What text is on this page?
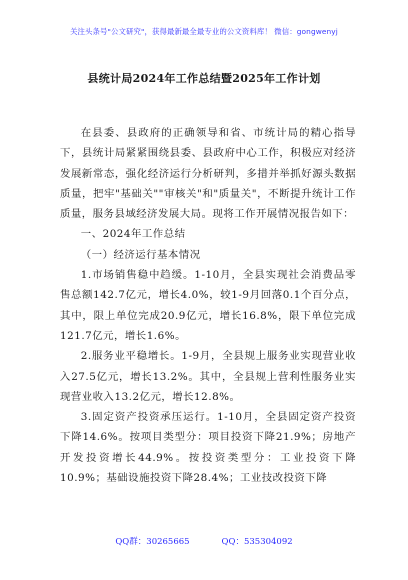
关注头条号"公文研究"，获得最新最全最专业的公文资料库！ 微信：gongwenyj
县统计局2024年工作总结暨2025年工作计划

在县委、县政府的正确领导和省、市统计局的精心指导下，县统计局紧紧围绕县委、县政府中心工作，积极应对经济发展新常态，强化经济运行分析研判，多措并举抓好源头数据质量，把牢"基础关""审核关"和"质量关"，不断提升统计工作质量，服务县域经济发展大局。现将工作开展情况报告如下：

一、2024年工作总结

（一）经济运行基本情况

1.市场销售稳中趋缓。1-10月，全县实现社会消费品零售总额142.7亿元，增长4.0%，较1-9月回落0.1个百分点，其中，限上单位完成20.9亿元，增长16.8%，限下单位完成121.7亿元，增长1.6%。

2.服务业平稳增长。1-9月，全县规上服务业实现营业收入27.5亿元，增长13.2%。其中，全县规上营利性服务业实现营业收入13.2亿元，增长12.8%。

3.固定资产投资承压运行。1-10月，全县固定资产投资下降14.6%。按项目类型分：项目投资下降21.9%；房地产开发投资增长44.9%。按投资类型分：工业投资下降10.9%；基础设施投资下降28.4%；工业技改投资下降

QQ群：30265665	QQ：535304092
